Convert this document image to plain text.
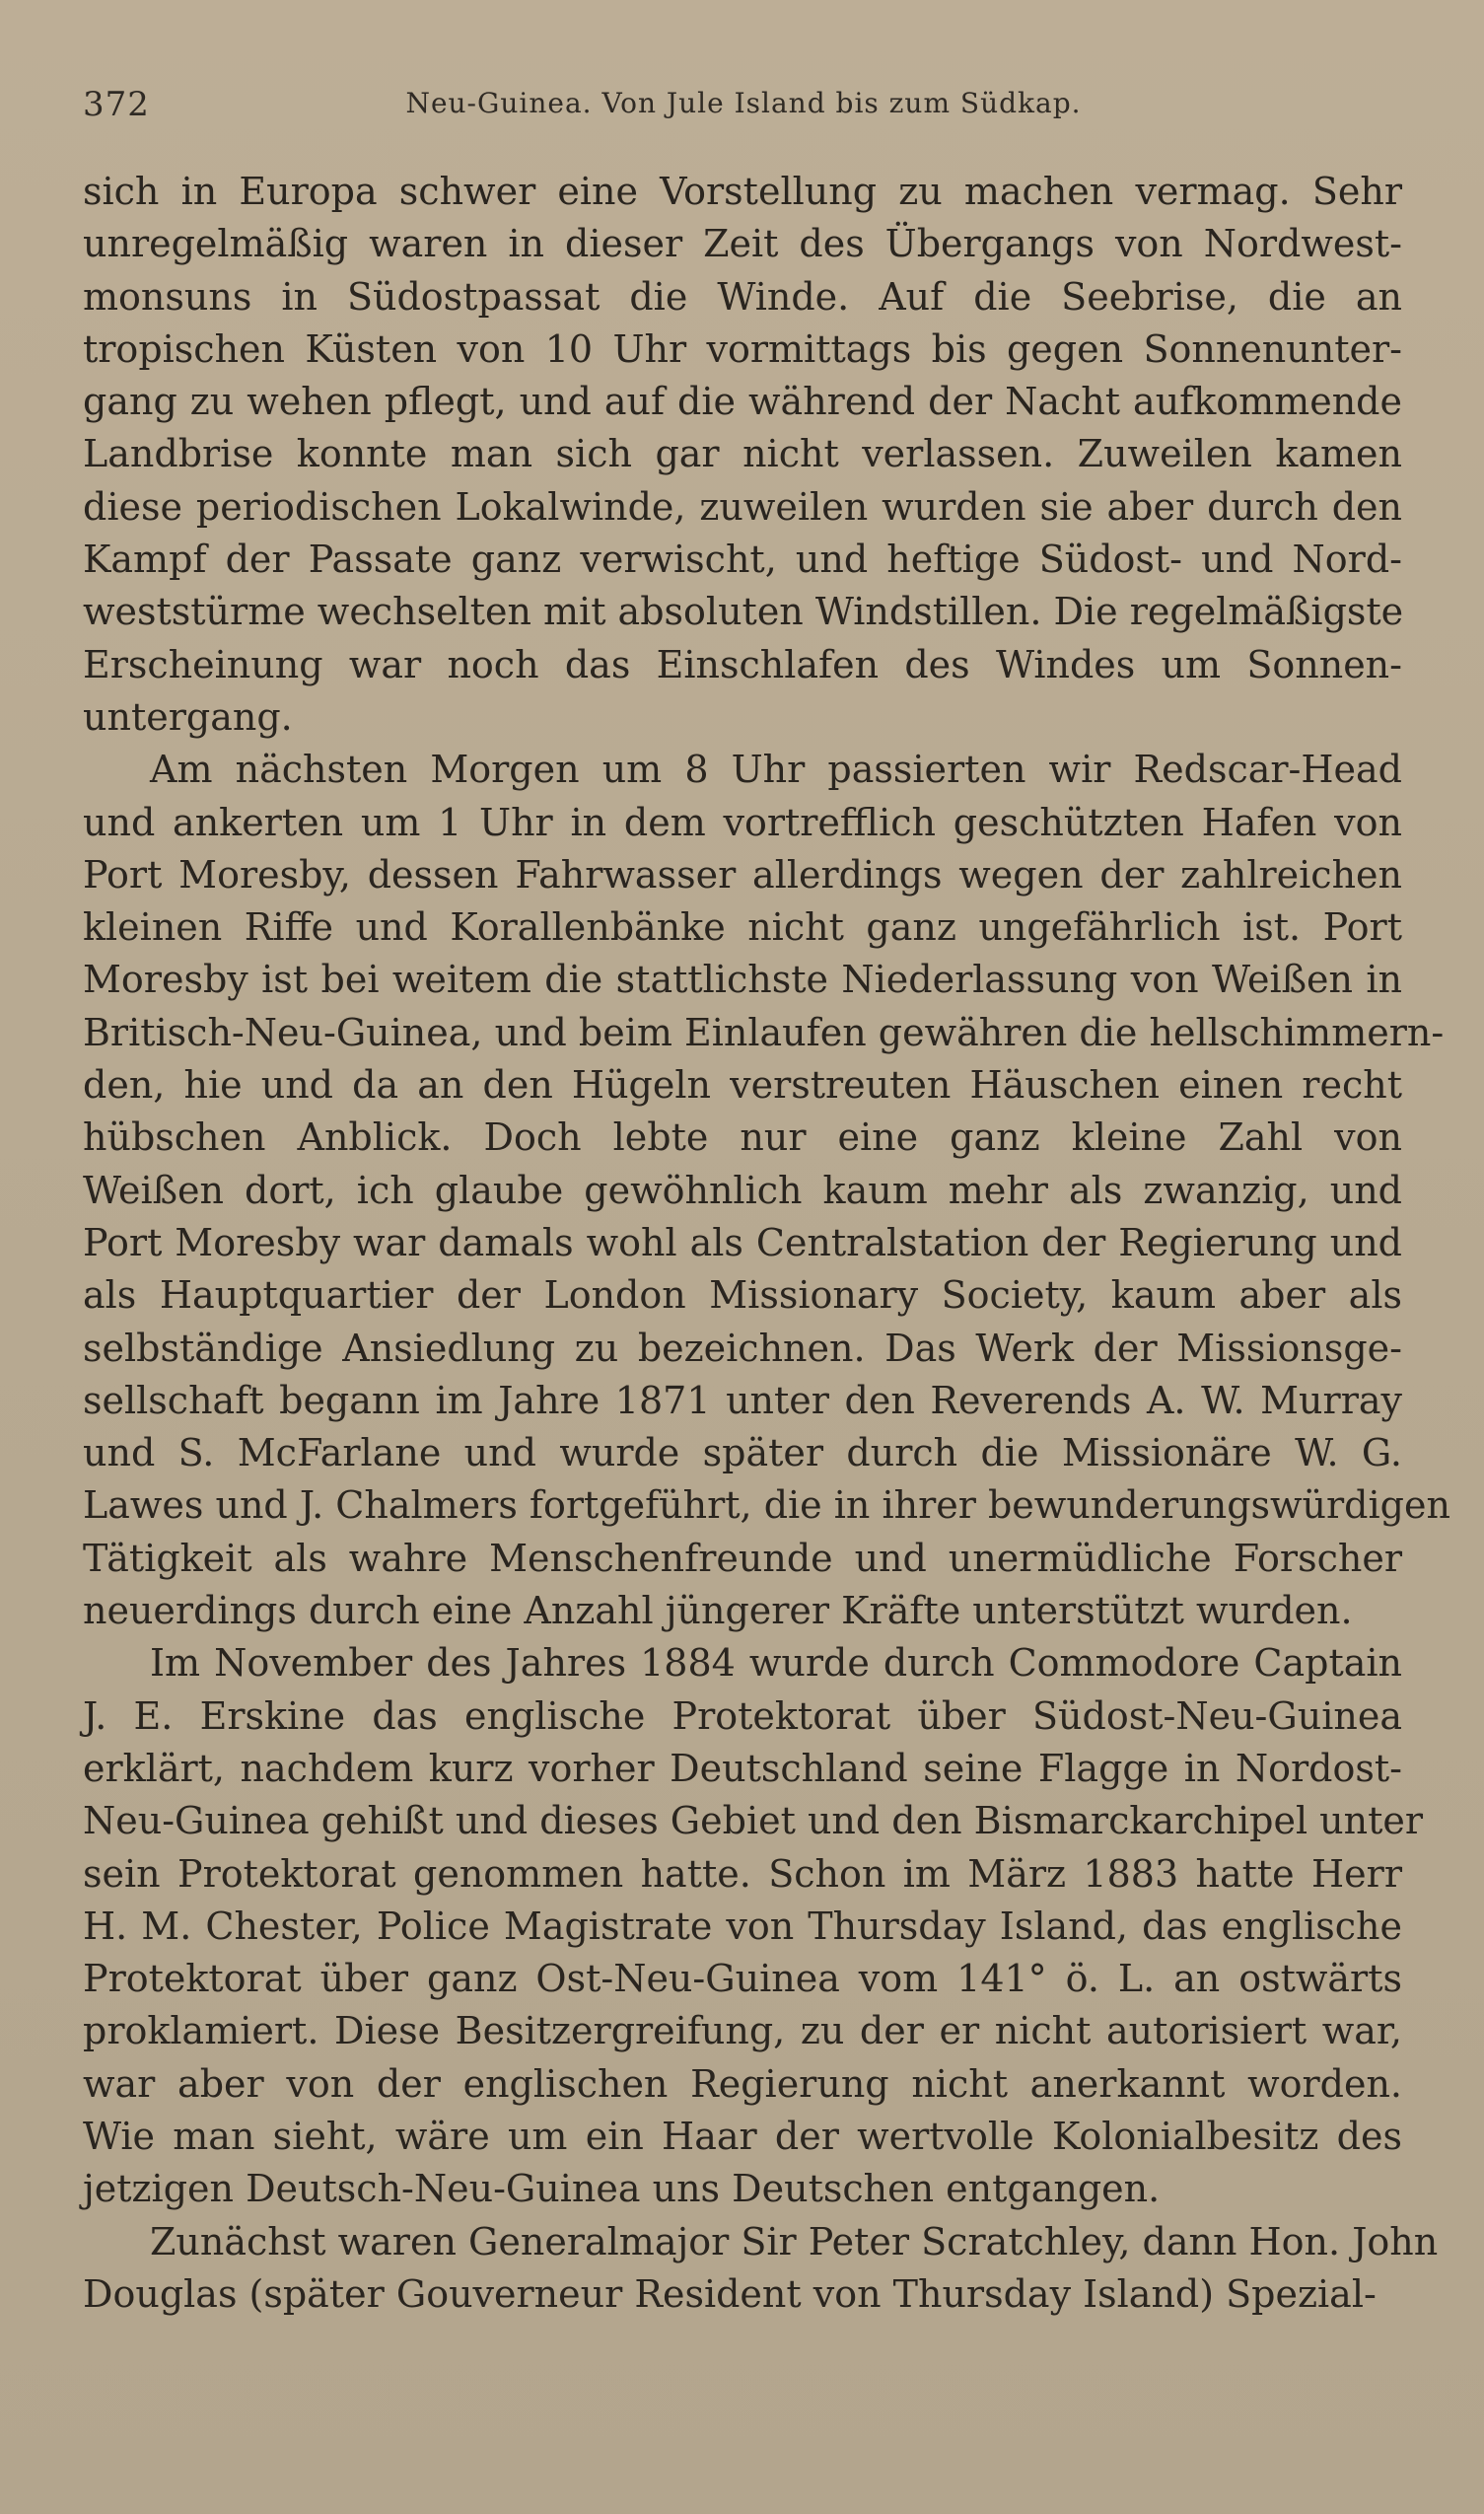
372	Neu-Guinea. Von Jule Island bis zum Südkap.
sich in Europa schwer eine Vorstellung zu machen vermag. Sehr
unregelmäßig waren in dieser Zeit des Übergangs von Nordwest-
monsuns in Südostpassat die Winde. Auf die Seebrise, die an
tropischen Küsten von 10 Uhr vormittags bis gegen Sonnenunter-
gang zu wehen pflegt, und auf die während der Nacht aufkommende
Landbrise konnte man sich gar nicht verlassen. Zuweilen kamen
diese periodischen Lokalwinde, zuweilen wurden sie aber durch den
Kampf der Passate ganz verwischt, und heftige Südost- und Nord-
weststürme wechselten mit absoluten Windstillen. Die regelmäßigste
Erscheinung war noch das Einschlafen des Windes um Sonnen-
untergang.
Am nächsten Morgen um 8 Uhr passierten wir Redscar-Head
und ankerten um 1 Uhr in dem vortrefflich geschützten Hafen von
Port Moresby, dessen Fahrwasser allerdings wegen der zahlreichen
kleinen Riffe und Korallenbänke nicht ganz ungefährlich ist. Port
Moresby ist bei weitem die stattlichste Niederlassung von Weißen in
Britisch-Neu-Guinea, und beim Einlaufen gewähren die hellschimmern-
den, hie und da an den Hügeln verstreuten Häuschen einen recht
hübschen Anblick. Doch lebte nur eine ganz kleine Zahl von
Weißen dort, ich glaube gewöhnlich kaum mehr als zwanzig, und
Port Moresby war damals wohl als Centralstation der Regierung und
als Hauptquartier der London Missionary Society, kaum aber als
selbständige Ansiedlung zu bezeichnen. Das Werk der Missionsge-
sellschaft begann im Jahre 1871 unter den Reverends A. W. Murray
und S. McFarlane und wurde später durch die Missionäre W. G.
Lawes und J. Chalmers fortgeführt, die in ihrer bewunderungswürdigen
Tätigkeit als wahre Menschenfreunde und unermüdliche Forscher
neuerdings durch eine Anzahl jüngerer Kräfte unterstützt wurden.
Im November des Jahres 1884 wurde durch Commodore Captain
J. E. Erskine das englische Protektorat über Südost-Neu-Guinea
erklärt, nachdem kurz vorher Deutschland seine Flagge in Nordost-
Neu-Guinea gehißt und dieses Gebiet und den Bismarckarchipel unter
sein Protektorat genommen hatte. Schon im März 1883 hatte Herr
H. M. Chester, Police Magistrate von Thursday Island, das englische
Protektorat über ganz Ost-Neu-Guinea vom 141° ö. L. an ostwärts
proklamiert. Diese Besitzergreifung, zu der er nicht autorisiert war,
war aber von der englischen Regierung nicht anerkannt worden.
Wie man sieht, wäre um ein Haar der wertvolle Kolonialbesitz des
jetzigen Deutsch-Neu-Guinea uns Deutschen entgangen.
Zunächst waren Generalmajor Sir Peter Scratchley, dann Hon. John
Douglas (später Gouverneur Resident von Thursday Island) Spezial-
